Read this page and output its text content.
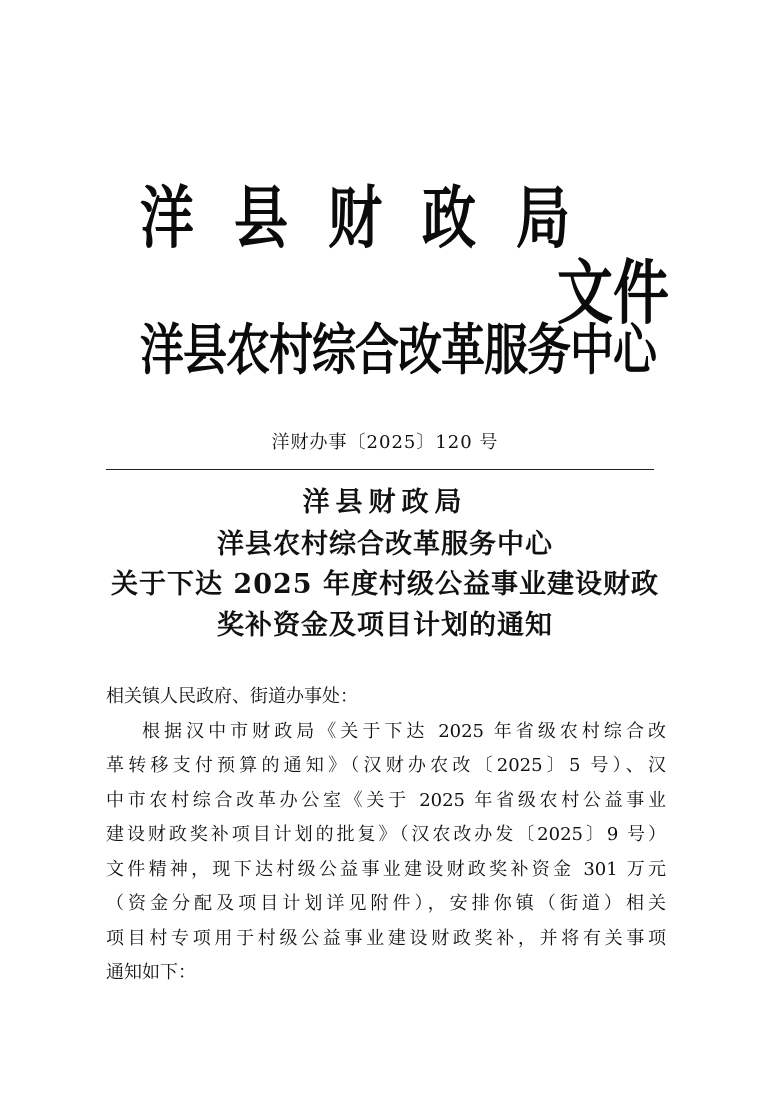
洋县财政局
文件
洋县农村综合改革服务中心
洋财办事〔2025〕120 号
洋县财政局
洋县农村综合改革服务中心
关于下达 2025 年度村级公益事业建设财政
奖补资金及项目计划的通知
相关镇人民政府、街道办事处：
根据汉中市财政局《关于下达 2025 年省级农村综合改
革转移支付预算的通知》（汉财办农改〔2025〕5 号）、汉
中市农村综合改革办公室《关于 2025 年省级农村公益事业
建设财政奖补项目计划的批复》（汉农改办发〔2025〕9 号）
文件精神，现下达村级公益事业建设财政奖补资金 301 万元
（资金分配及项目计划详见附件），安排你镇（街道）相关
项目村专项用于村级公益事业建设财政奖补，并将有关事项
通知如下：
